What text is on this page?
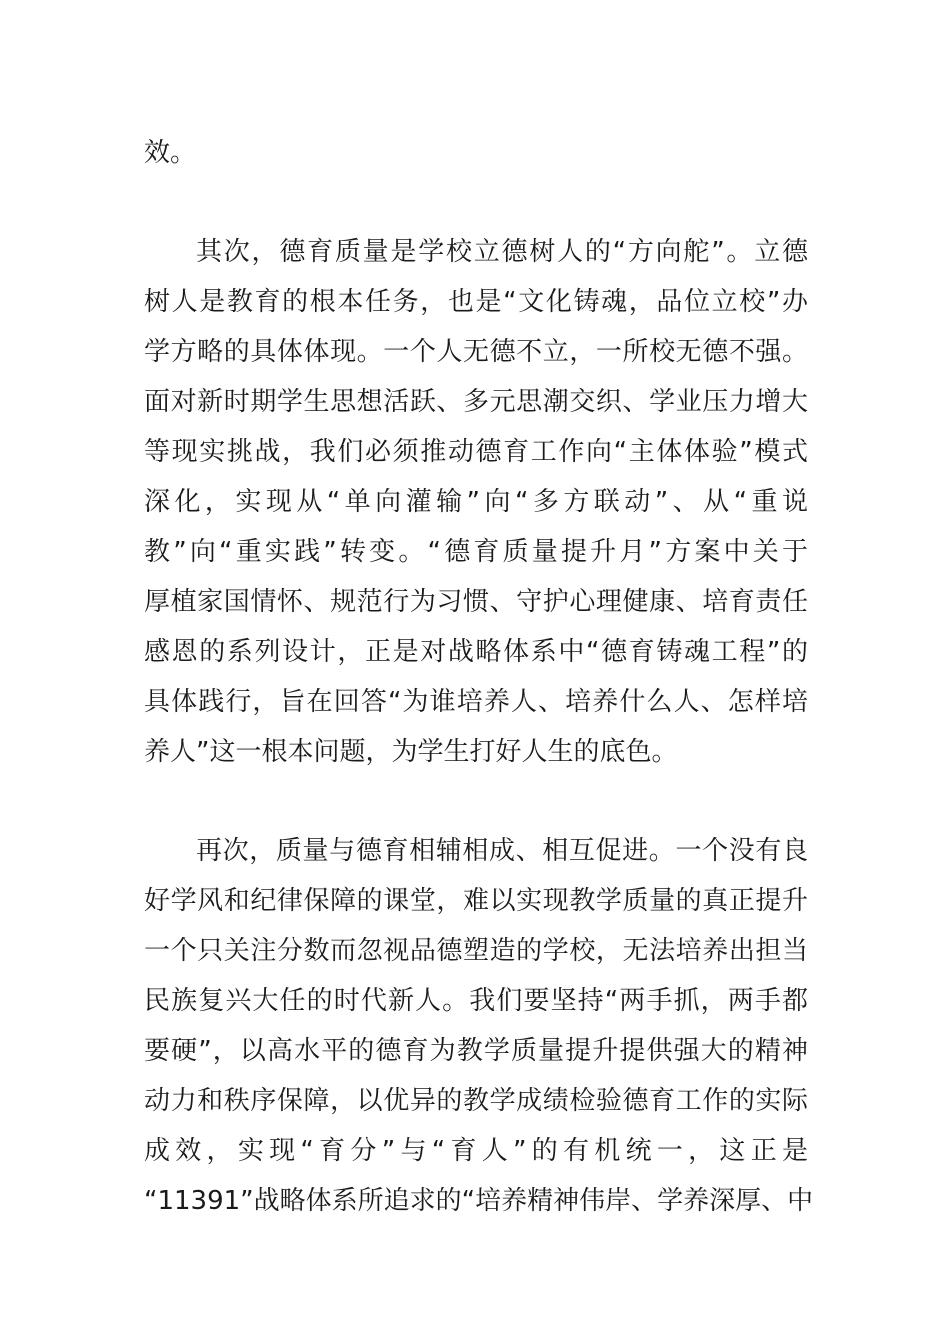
效。
其次，德育质量是学校立德树人的“方向舵”。立德
树人是教育的根本任务，也是“文化铸魂，品位立校”办
学方略的具体体现。一个人无德不立，一所校无德不强。
面对新时期学生思想活跃、多元思潮交织、学业压力增大
等现实挑战，我们必须推动德育工作向“主体体验”模式
深化，实现从“单向灌输”向“多方联动”、从“重说
教”向“重实践”转变。“德育质量提升月”方案中关于
厚植家国情怀、规范行为习惯、守护心理健康、培育责任
感恩的系列设计，正是对战略体系中“德育铸魂工程”的
具体践行，旨在回答“为谁培养人、培养什么人、怎样培
养人”这一根本问题，为学生打好人生的底色。
再次，质量与德育相辅相成、相互促进。一个没有良
好学风和纪律保障的课堂，难以实现教学质量的真正提升
一个只关注分数而忽视品德塑造的学校，无法培养出担当
民族复兴大任的时代新人。我们要坚持“两手抓，两手都
要硬”，以高水平的德育为教学质量提升提供强大的精神
动力和秩序保障，以优异的教学成绩检验德育工作的实际
成效，实现“育分”与“育人”的有机统一，这正是
“11391”战略体系所追求的“培养精神伟岸、学养深厚、中
